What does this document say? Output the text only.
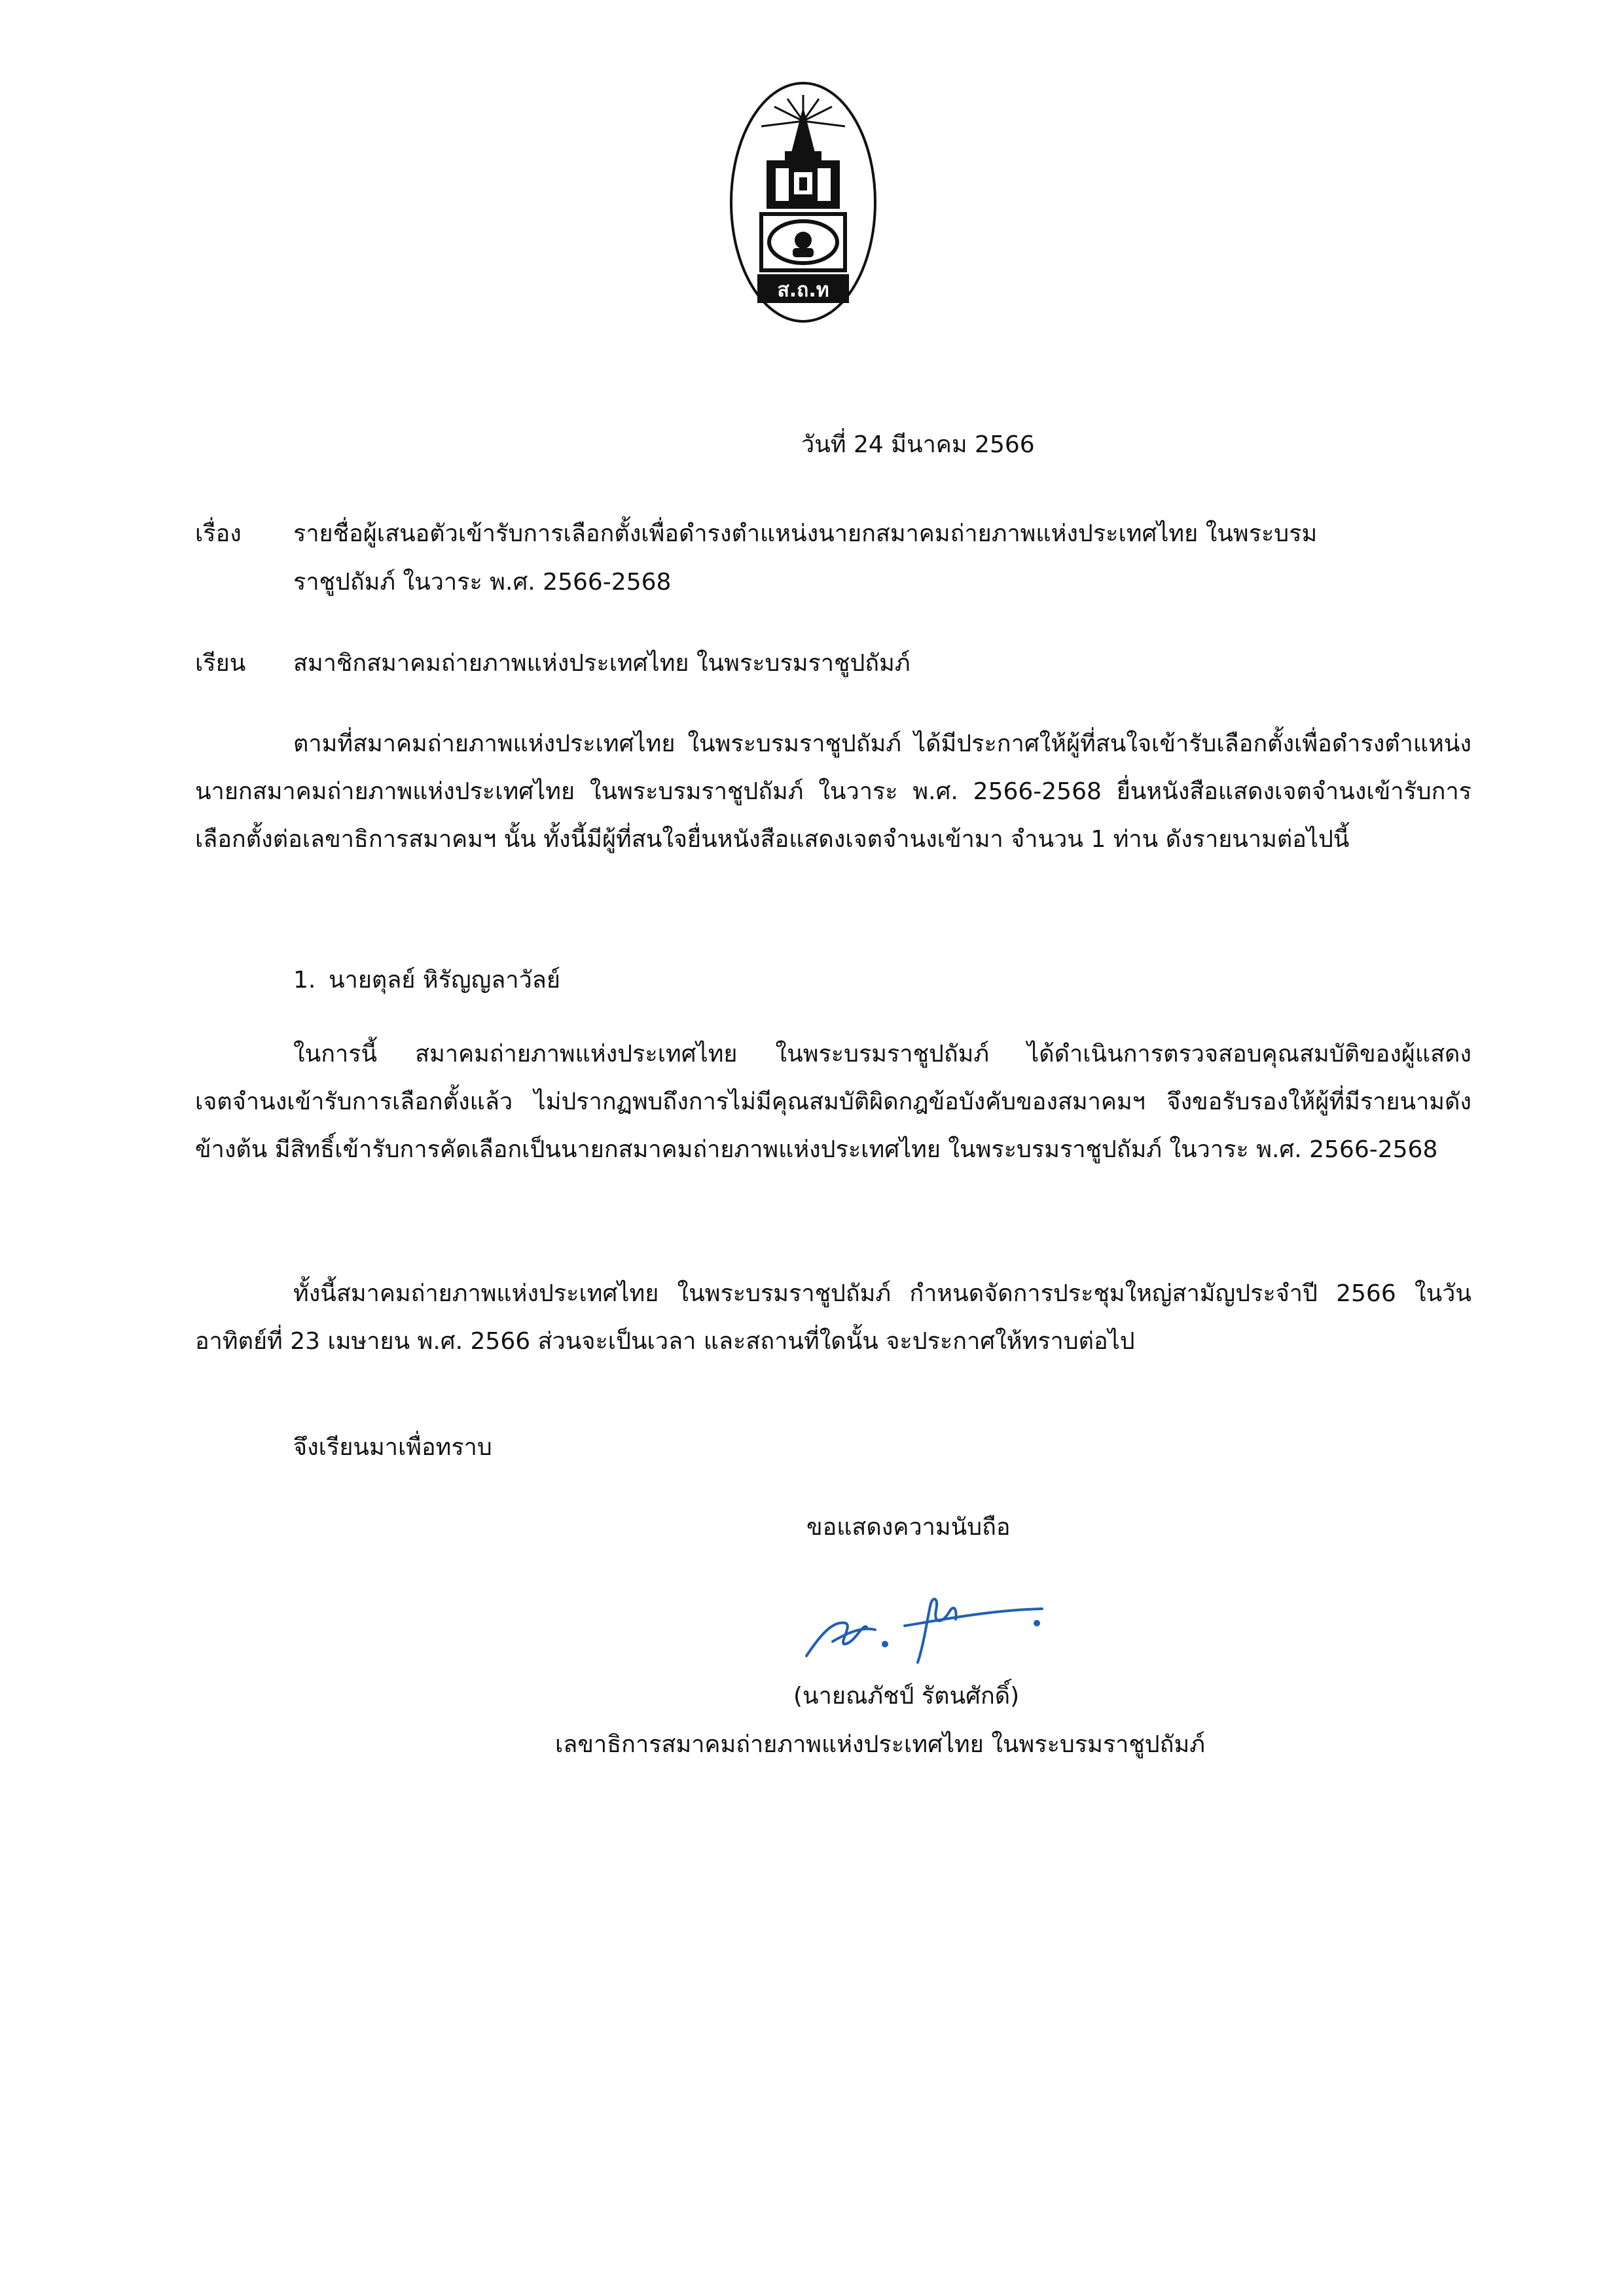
ส.ถ.ท

วันที่ 24 มีนาคม 2566

เรื่อง รายชื่อผู้เสนอตัวเข้ารับการเลือกตั้งเพื่อดำรงตำแหน่งนายกสมาคมถ่ายภาพแห่งประเทศไทย ในพระบรม

ราชูปถัมภ์ ในวาระ พ.ศ. 2566-2568

เรียน สมาชิกสมาคมถ่ายภาพแห่งประเทศไทย ในพระบรมราชูปถัมภ์

ตามที่สมาคมถ่ายภาพแห่งประเทศไทย ในพระบรมราชูปถัมภ์ ได้มีประกาศให้ผู้ที่สนใจเข้ารับเลือกตั้งเพื่อดำรงตำแหน่งนายกสมาคมถ่ายภาพแห่งประเทศไทย ในพระบรมราชูปถัมภ์ ในวาระ พ.ศ. 2566-2568 ยื่นหนังสือแสดงเจตจำนงเข้ารับการเลือกตั้งต่อเลขาธิการสมาคมฯ นั้น ทั้งนี้มีผู้ที่สนใจยื่นหนังสือแสดงเจตจำนงเข้ามา จำนวน 1 ท่าน ดังรายนามต่อไปนี้

1. นายตุลย์ หิรัญญลาวัลย์

ในการนี้ สมาคมถ่ายภาพแห่งประเทศไทย ในพระบรมราชูปถัมภ์ ได้ดำเนินการตรวจสอบคุณสมบัติของผู้แสดงเจตจำนงเข้ารับการเลือกตั้งแล้ว ไม่ปรากฏพบถึงการไม่มีคุณสมบัติผิดกฎข้อบังคับของสมาคมฯ จึงขอรับรองให้ผู้ที่มีรายนามดังข้างต้น มีสิทธิ์เข้ารับการคัดเลือกเป็นนายกสมาคมถ่ายภาพแห่งประเทศไทย ในพระบรมราชูปถัมภ์ ในวาระ พ.ศ. 2566-2568

ทั้งนี้สมาคมถ่ายภาพแห่งประเทศไทย ในพระบรมราชูปถัมภ์ กำหนดจัดการประชุมใหญ่สามัญประจำปี 2566 ในวันอาทิตย์ที่ 23 เมษายน พ.ศ. 2566 ส่วนจะเป็นเวลา และสถานที่ใดนั้น จะประกาศให้ทราบต่อไป

จึงเรียนมาเพื่อทราบ

ขอแสดงความนับถือ

(นายณภัชป์ รัตนศักดิ์)

เลขาธิการสมาคมถ่ายภาพแห่งประเทศไทย ในพระบรมราชูปถัมภ์
